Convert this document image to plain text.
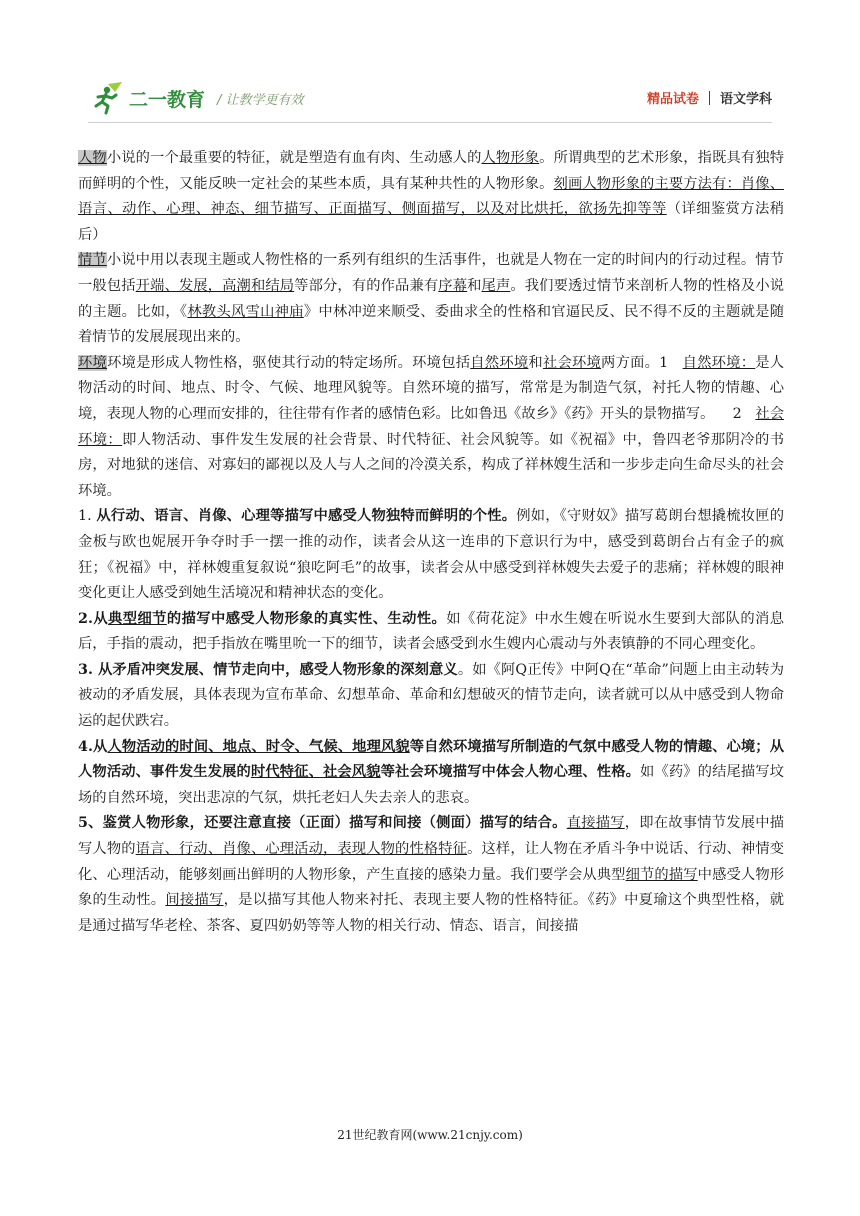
二一教育 / 让教学更有效	精品试卷 语文学科

人物小说的一个最重要的特征，就是塑造有血有肉、生动感人的人物形象。所谓典型的艺术形象，指既具有独特而鲜明的个性，又能反映一定社会的某些本质，具有某种共性的人物形象。刻画人物形象的主要方法有：肖像、语言、动作、心理、神态、细节描写、正面描写、侧面描写，以及对比烘托，欲扬先抑等等（详细鉴赏方法稍后）

情节小说中用以表现主题或人物性格的一系列有组织的生活事件，也就是人物在一定的时间内的行动过程。情节一般包括开端、发展，高潮和结局等部分，有的作品兼有序幕和尾声。我们要透过情节来剖析人物的性格及小说的主题。比如，《林教头风雪山神庙》中林冲逆来顺受、委曲求全的性格和官逼民反、民不得不反的主题就是随着情节的发展展现出来的。

环境环境是形成人物性格，驱使其行动的特定场所。环境包括自然环境和社会环境两方面。1   自然环境：是人物活动的时间、地点、时令、气候、地理风貌等。自然环境的描写，常常是为制造气氛，衬托人物的情趣、心境，表现人物的心理而安排的，往往带有作者的感情色彩。比如鲁迅《故乡》《药》开头的景物描写。    2   社会环境：即人物活动、事件发生发展的社会背景、时代特征、社会风貌等。如《祝福》中，鲁四老爷那阴冷的书房，对地狱的迷信、对寡妇的鄙视以及人与人之间的冷漠关系，构成了祥林嫂生活和一步步走向生命尽头的社会环境。

1. 从行动、语言、肖像、心理等描写中感受人物独特而鲜明的个性。例如，《守财奴》描写葛朗台想撬梳妆匣的金板与欧也妮展开争夺时手一摆一推的动作，读者会从这一连串的下意识行为中，感受到葛朗台占有金子的疯狂；《祝福》中，祥林嫂重复叙说“狼吃阿毛”的故事，读者会从中感受到祥林嫂失去爱子的悲痛；祥林嫂的眼神变化更让人感受到她生活境况和精神状态的变化。

2.从典型细节的描写中感受人物形象的真实性、生动性。如《荷花淀》中水生嫂在听说水生要到大部队的消息后，手指的震动，把手指放在嘴里吮一下的细节，读者会感受到水生嫂内心震动与外表镇静的不同心理变化。

3. 从矛盾冲突发展、情节走向中，感受人物形象的深刻意义。如《阿Q正传》中阿Q在“革命”问题上由主动转为被动的矛盾发展，具体表现为宣布革命、幻想革命、革命和幻想破灭的情节走向，读者就可以从中感受到人物命运的起伏跌宕。

4.从人物活动的时间、地点、时令、气候、地理风貌等自然环境描写所制造的气氛中感受人物的情趣、心境；从人物活动、事件发生发展的时代特征、社会风貌等社会环境描写中体会人物心理、性格。如《药》的结尾描写坟场的自然环境，突出悲凉的气氛，烘托老妇人失去亲人的悲哀。

5、鉴赏人物形象，还要注意直接（正面）描写和间接（侧面）描写的结合。直接描写，即在故事情节发展中描写人物的语言、行动、肖像、心理活动，表现人物的性格特征。这样，让人物在矛盾斗争中说话、行动、神情变化、心理活动，能够刻画出鲜明的人物形象，产生直接的感染力量。我们要学会从典型细节的描写中感受人物形象的生动性。间接描写，是以描写其他人物来衬托、表现主要人物的性格特征。《药》中夏瑜这个典型性格，就是通过描写华老栓、茶客、夏四奶奶等等人物的相关行动、情态、语言，间接描

21世纪教育网(www.21cnjy.com)
